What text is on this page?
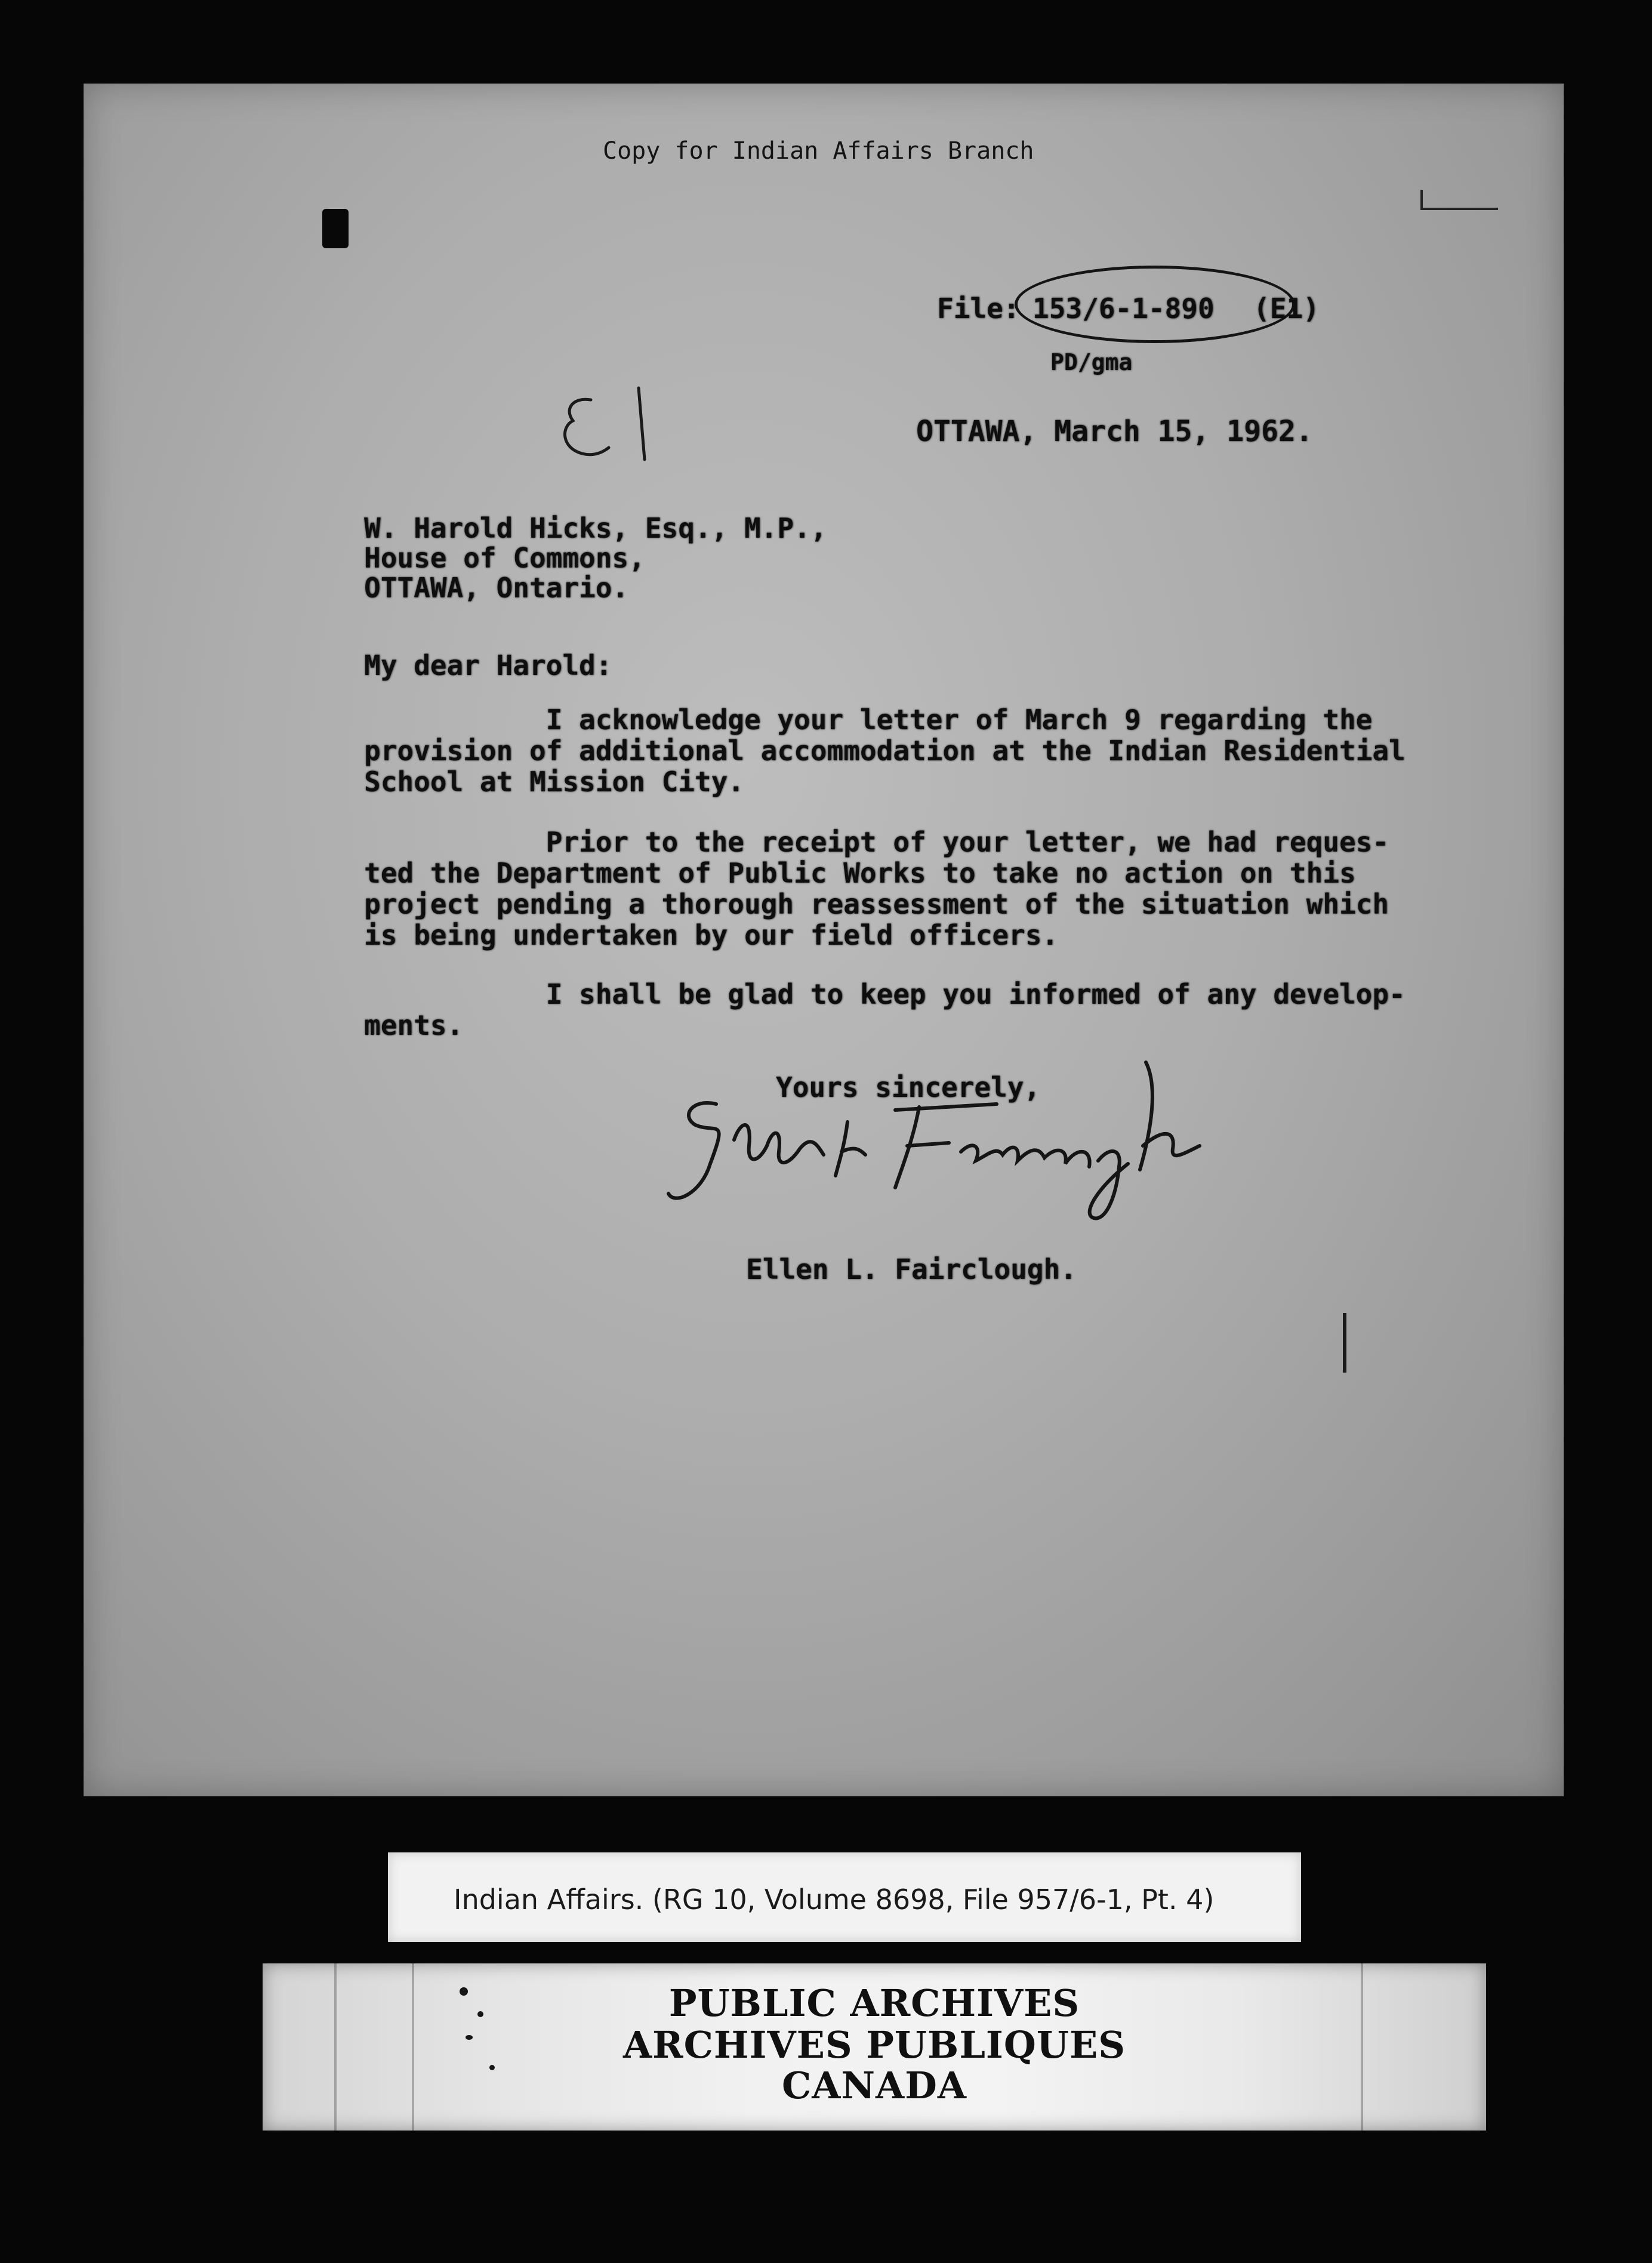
Copy for Indian Affairs Branch
File: 153/6-1-890 (E1)
PD/gma
OTTAWA, March 15, 1962.
W. Harold Hicks, Esq., M.P.,
House of Commons,
OTTAWA, Ontario.
My dear Harold:
I acknowledge your letter of March 9 regarding the
provision of additional accommodation at the Indian Residential
School at Mission City.
Prior to the receipt of your letter, we had reques-
ted the Department of Public Works to take no action on this
project pending a thorough reassessment of the situation which
is being undertaken by our field officers.
I shall be glad to keep you informed of any develop-
ments.
Yours sincerely,
Ellen L. Fairclough.
Indian Affairs. (RG 10, Volume 8698, File 957/6-1, Pt. 4)
PUBLIC ARCHIVES
ARCHIVES PUBLIQUES
CANADA
